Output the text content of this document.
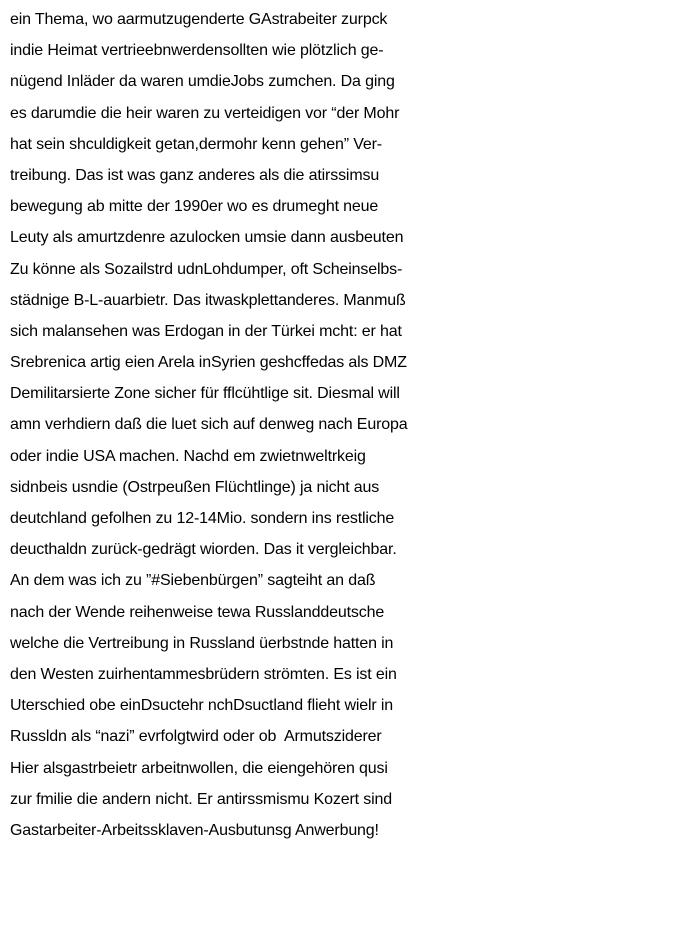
ein Thema, wo aarmutzugenderte GAstrabeiter zurpck
indie Heimat vertrieebnwerdensollten wie plötzlich ge-
nügend Inläder da waren umdieJobs zumchen. Da ging
es darumdie die heir waren zu verteidigen vor “der Mohr
hat sein shculdigkeit getan,dermohr kenn gehen” Ver-
treibung. Das ist was ganz anderes als die atirssimsu
bewegung ab mitte der 1990er wo es drumeght neue
Leuty als amurtzdenre azulocken umsie dann ausbeuten
Zu könne als Sozailstrd udnLohdumper, oft Scheinselbs-
städnige B-L-auarbietr. Das itwaskplettanderes. Manmuß
sich malansehen was Erdogan in der Türkei mcht: er hat
Srebrenica artig eien Arela inSyrien geshcffedas als DMZ
Demilitarsierte Zone sicher für fflcühtlige sit. Diesmal will
amn verhdiern daß die luet sich auf denweg nach Europa
oder indie USA machen. Nachd em zwietnweltrkeig
sidnbeis usndie (Ostrpeußen Flüchtlinge) ja nicht aus
deutchland gefolhen zu 12-14Mio. sondern ins restliche
deucthaldn zurück-gedrägt wiorden. Das it vergleichbar.
An dem was ich zu ”#Siebenbürgen” sagteiht an daß
nach der Wende reihenweise tewa Russlanddeutsche
welche die Vertreibung in Russland üerbstnde hatten in
den Westen zuirhentammesbrüdern strömten. Es ist ein
Uterschied obe einDsuctehr nchDsuctland flieht wielr in
Russldn als “nazi” evrfolgtwird oder ob  Armutsziderer
Hier alsgastrbeietr arbeitnwollen, die eiengehören qusi
zur fmilie die andern nicht. Er antirssmismu Kozert sind
Gastarbeiter-Arbeitssklaven-Ausbutunsg Anwerbung!
